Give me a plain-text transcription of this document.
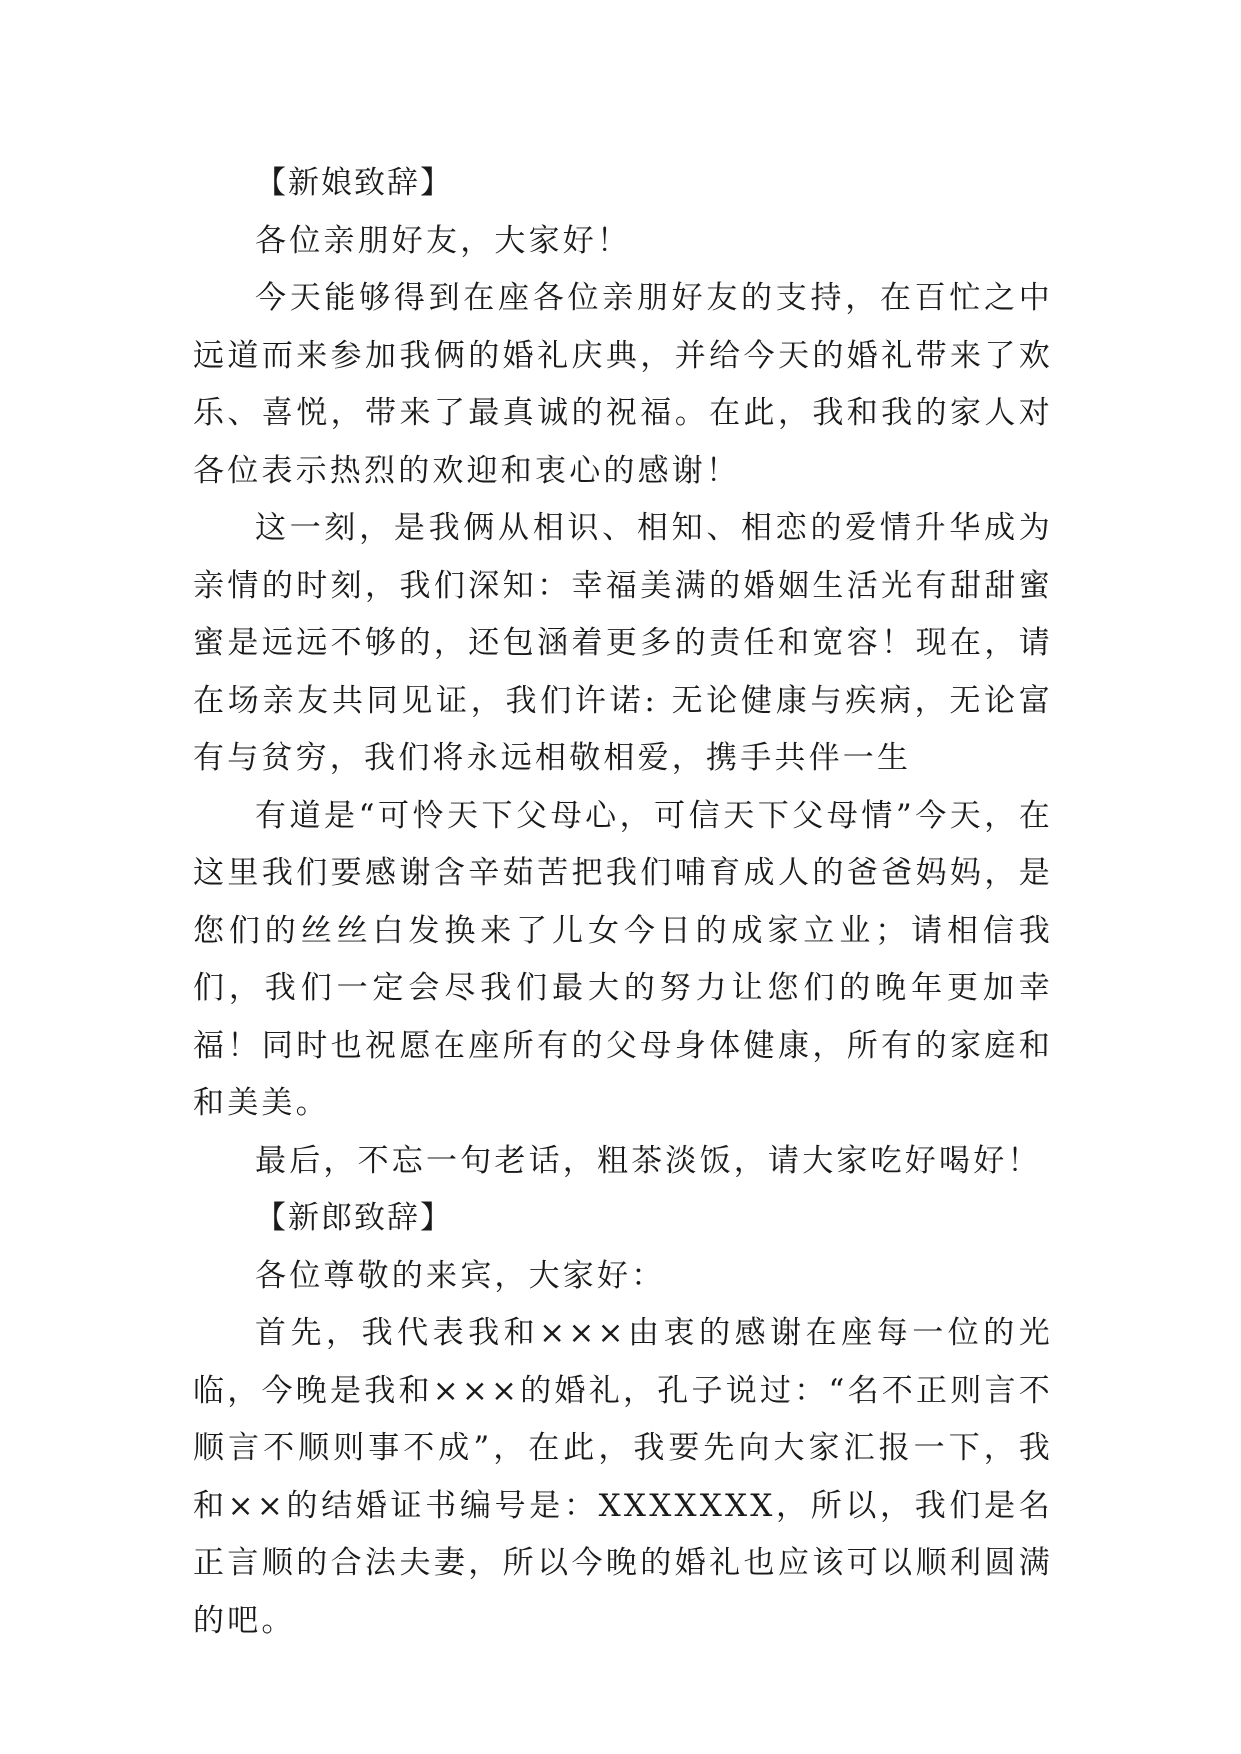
【新娘致辞】

各位亲朋好友，大家好！

今天能够得到在座各位亲朋好友的支持，在百忙之中远道而来参加我俩的婚礼庆典，并给今天的婚礼带来了欢乐、喜悦，带来了最真诚的祝福。在此，我和我的家人对各位表示热烈的欢迎和衷心的感谢！

这一刻，是我俩从相识、相知、相恋的爱情升华成为亲情的时刻，我们深知：幸福美满的婚姻生活光有甜甜蜜蜜是远远不够的，还包涵着更多的责任和宽容！现在，请在场亲友共同见证，我们许诺: 无论健康与疾病，无论富有与贫穷，我们将永远相敬相爱，携手共伴一生

有道是“可怜天下父母心，可信天下父母情”今天，在这里我们要感谢含辛茹苦把我们哺育成人的爸爸妈妈，是您们的丝丝白发换来了儿女今日的成家立业；请相信我们，我们一定会尽我们最大的努力让您们的晚年更加幸福！同时也祝愿在座所有的父母身体健康，所有的家庭和和美美。

最后，不忘一句老话，粗茶淡饭，请大家吃好喝好！

【新郎致辞】

各位尊敬的来宾，大家好：

首先，我代表我和×××由衷的感谢在座每一位的光临，今晚是我和×××的婚礼，孔子说过：“名不正则言不顺言不顺则事不成”，在此，我要先向大家汇报一下，我和××的结婚证书编号是：XXXXXXX，所以，我们是名正言顺的合法夫妻，所以今晚的婚礼也应该可以顺利圆满的吧。
